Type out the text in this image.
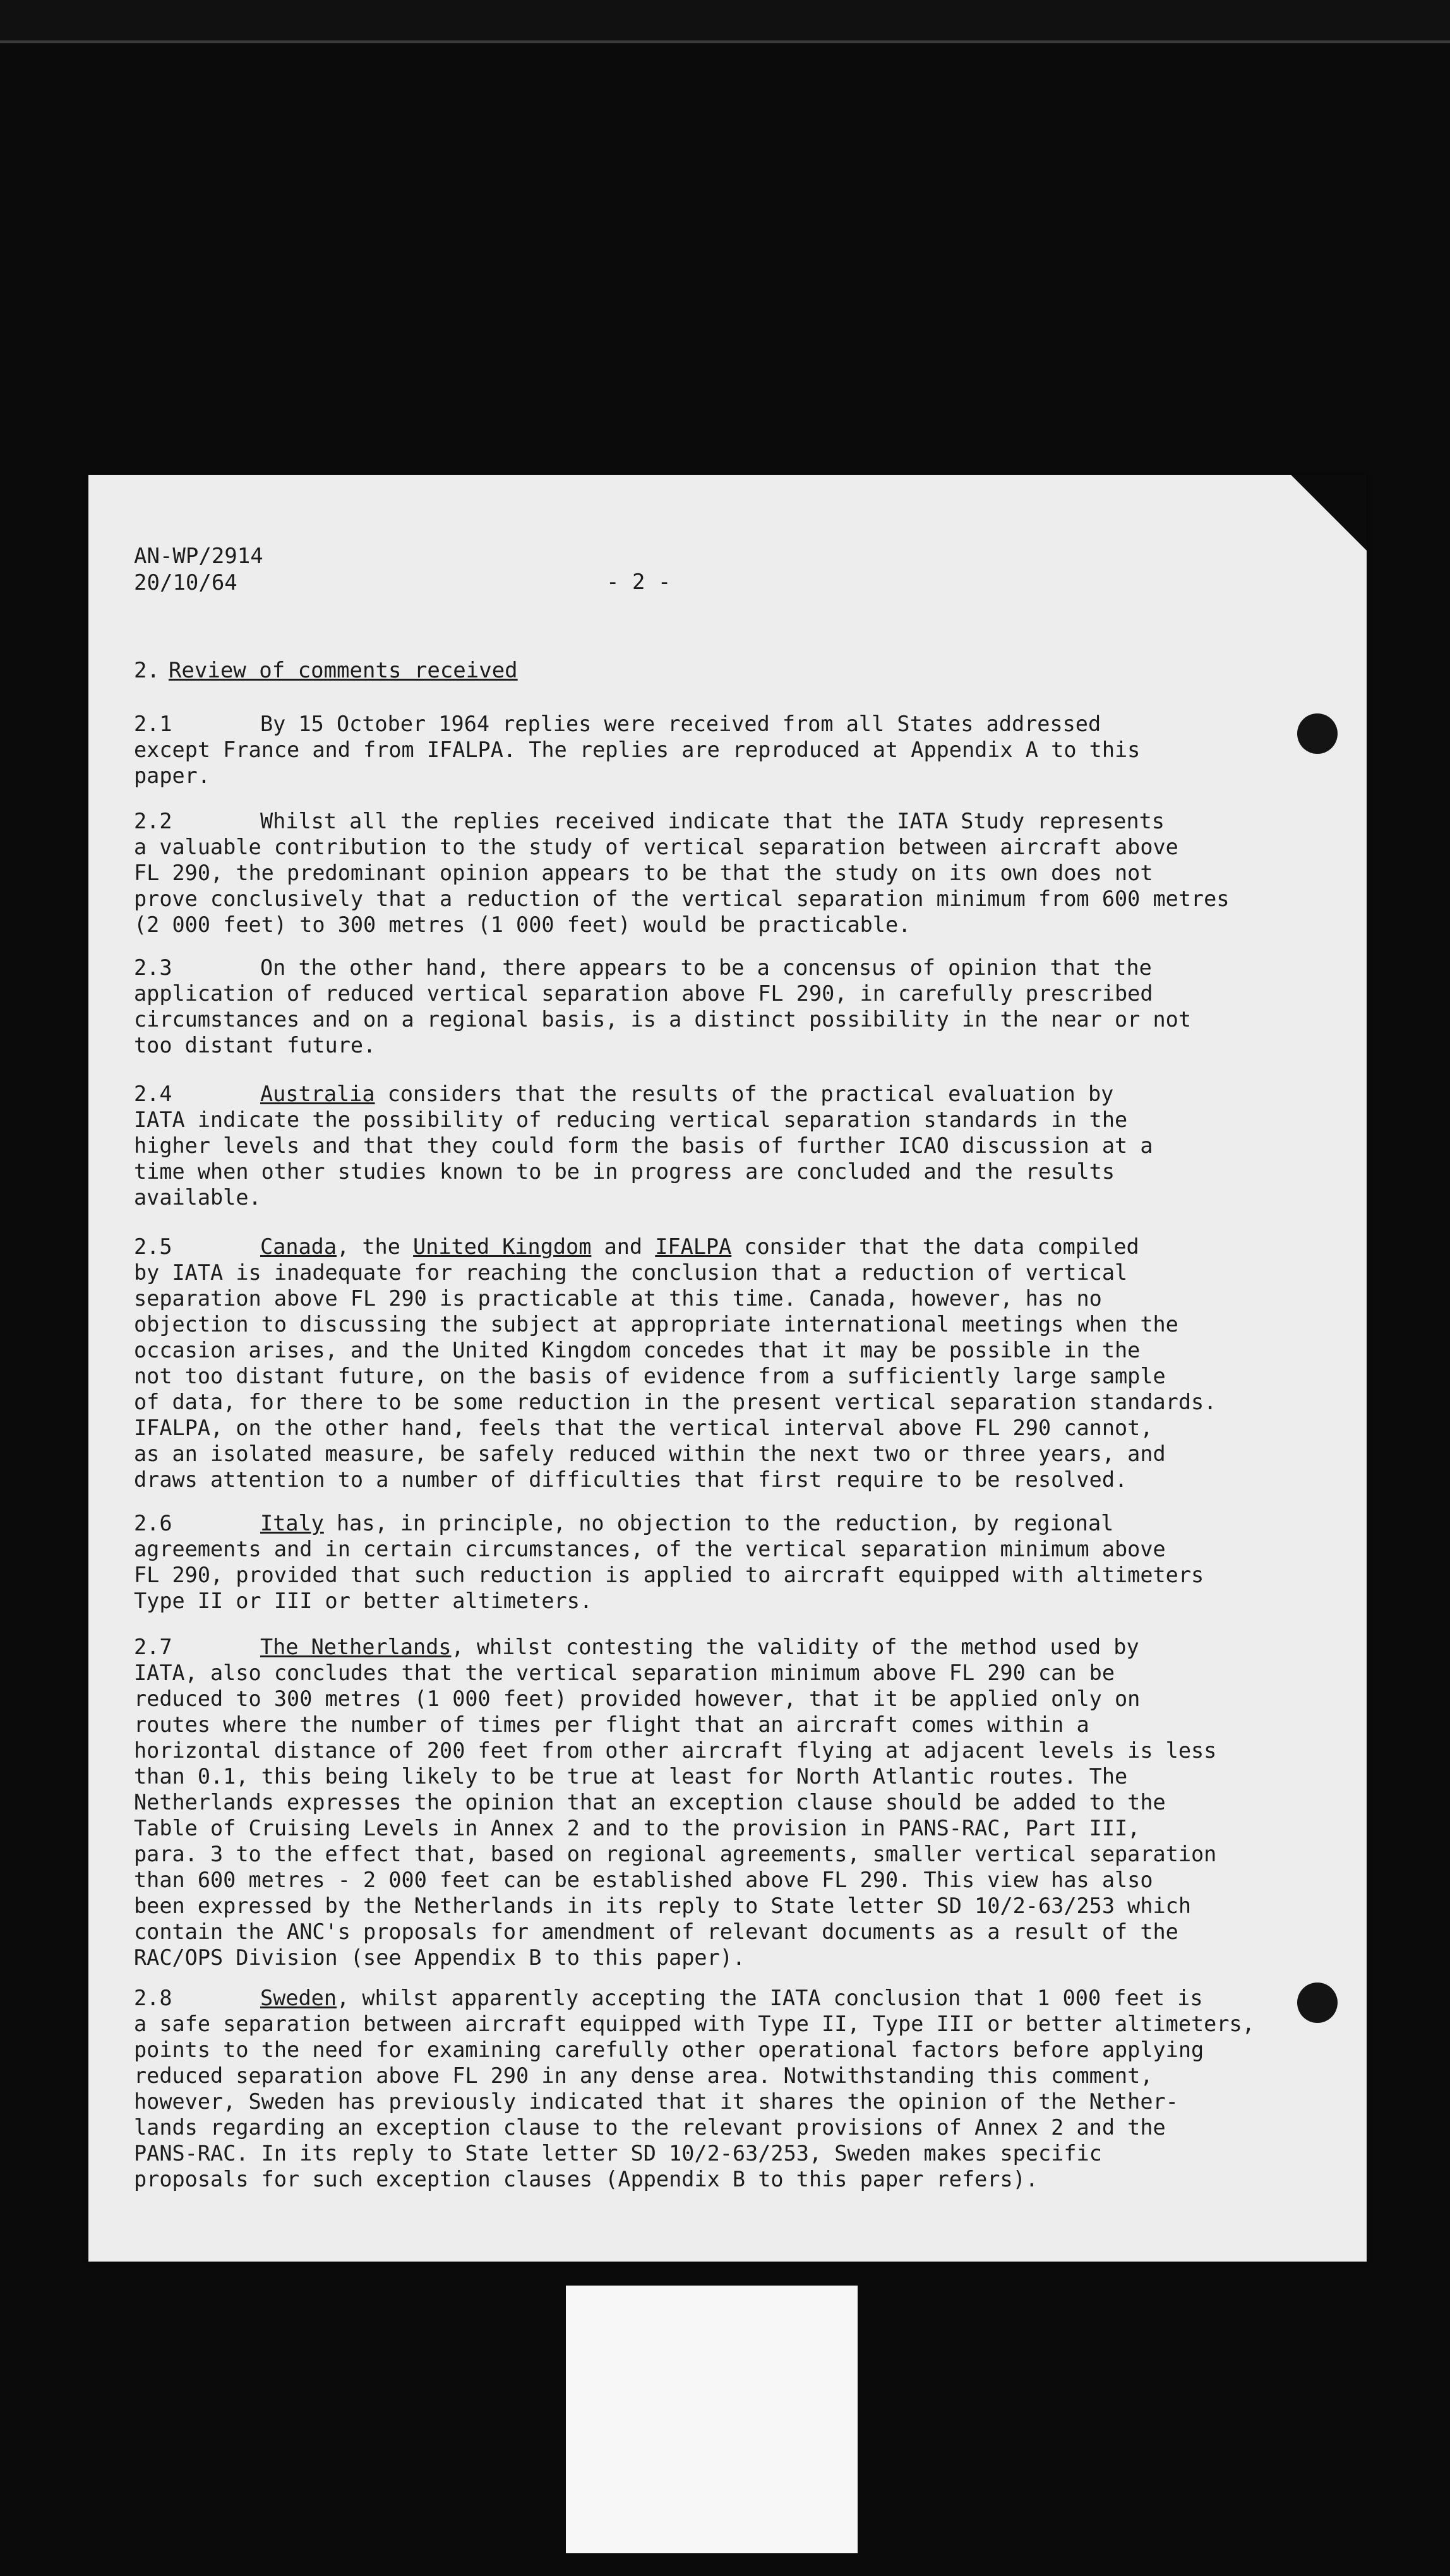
AN-WP/2914
20/10/64	- 2 -
2. Review of comments received
2.1	By 15 October 1964 replies were received from all States addressed
except France and from IFALPA. The replies are reproduced at Appendix A to this
paper.
2.2	Whilst all the replies received indicate that the IATA Study represents
a valuable contribution to the study of vertical separation between aircraft above
FL 290, the predominant opinion appears to be that the study on its own does not
prove conclusively that a reduction of the vertical separation minimum from 600 metres
(2 000 feet) to 300 metres (1 000 feet) would be practicable.
2.3	On the other hand, there appears to be a concensus of opinion that the
application of reduced vertical separation above FL 290, in carefully prescribed
circumstances and on a regional basis, is a distinct possibility in the near or not
too distant future.
2.4	Australia considers that the results of the practical evaluation by
IATA indicate the possibility of reducing vertical separation standards in the
higher levels and that they could form the basis of further ICAO discussion at a
time when other studies known to be in progress are concluded and the results
available.
2.5	Canada, the United Kingdom and IFALPA consider that the data compiled
by IATA is inadequate for reaching the conclusion that a reduction of vertical
separation above FL 290 is practicable at this time. Canada, however, has no
objection to discussing the subject at appropriate international meetings when the
occasion arises, and the United Kingdom concedes that it may be possible in the
not too distant future, on the basis of evidence from a sufficiently large sample
of data, for there to be some reduction in the present vertical separation standards.
IFALPA, on the other hand, feels that the vertical interval above FL 290 cannot,
as an isolated measure, be safely reduced within the next two or three years, and
draws attention to a number of difficulties that first require to be resolved.
2.6	Italy has, in principle, no objection to the reduction, by regional
agreements and in certain circumstances, of the vertical separation minimum above
FL 290, provided that such reduction is applied to aircraft equipped with altimeters
Type II or III or better altimeters.
2.7	The Netherlands, whilst contesting the validity of the method used by
IATA, also concludes that the vertical separation minimum above FL 290 can be
reduced to 300 metres (1 000 feet) provided however, that it be applied only on
routes where the number of times per flight that an aircraft comes within a
horizontal distance of 200 feet from other aircraft flying at adjacent levels is less
than 0.1, this being likely to be true at least for North Atlantic routes. The
Netherlands expresses the opinion that an exception clause should be added to the
Table of Cruising Levels in Annex 2 and to the provision in PANS-RAC, Part III,
para. 3 to the effect that, based on regional agreements, smaller vertical separation
than 600 metres - 2 000 feet can be established above FL 290. This view has also
been expressed by the Netherlands in its reply to State letter SD 10/2-63/253 which
contain the ANC's proposals for amendment of relevant documents as a result of the
RAC/OPS Division (see Appendix B to this paper).
2.8	Sweden, whilst apparently accepting the IATA conclusion that 1 000 feet is
a safe separation between aircraft equipped with Type II, Type III or better altimeters,
points to the need for examining carefully other operational factors before applying
reduced separation above FL 290 in any dense area. Notwithstanding this comment,
however, Sweden has previously indicated that it shares the opinion of the Nether-
lands regarding an exception clause to the relevant provisions of Annex 2 and the
PANS-RAC. In its reply to State letter SD 10/2-63/253, Sweden makes specific
proposals for such exception clauses (Appendix B to this paper refers).
